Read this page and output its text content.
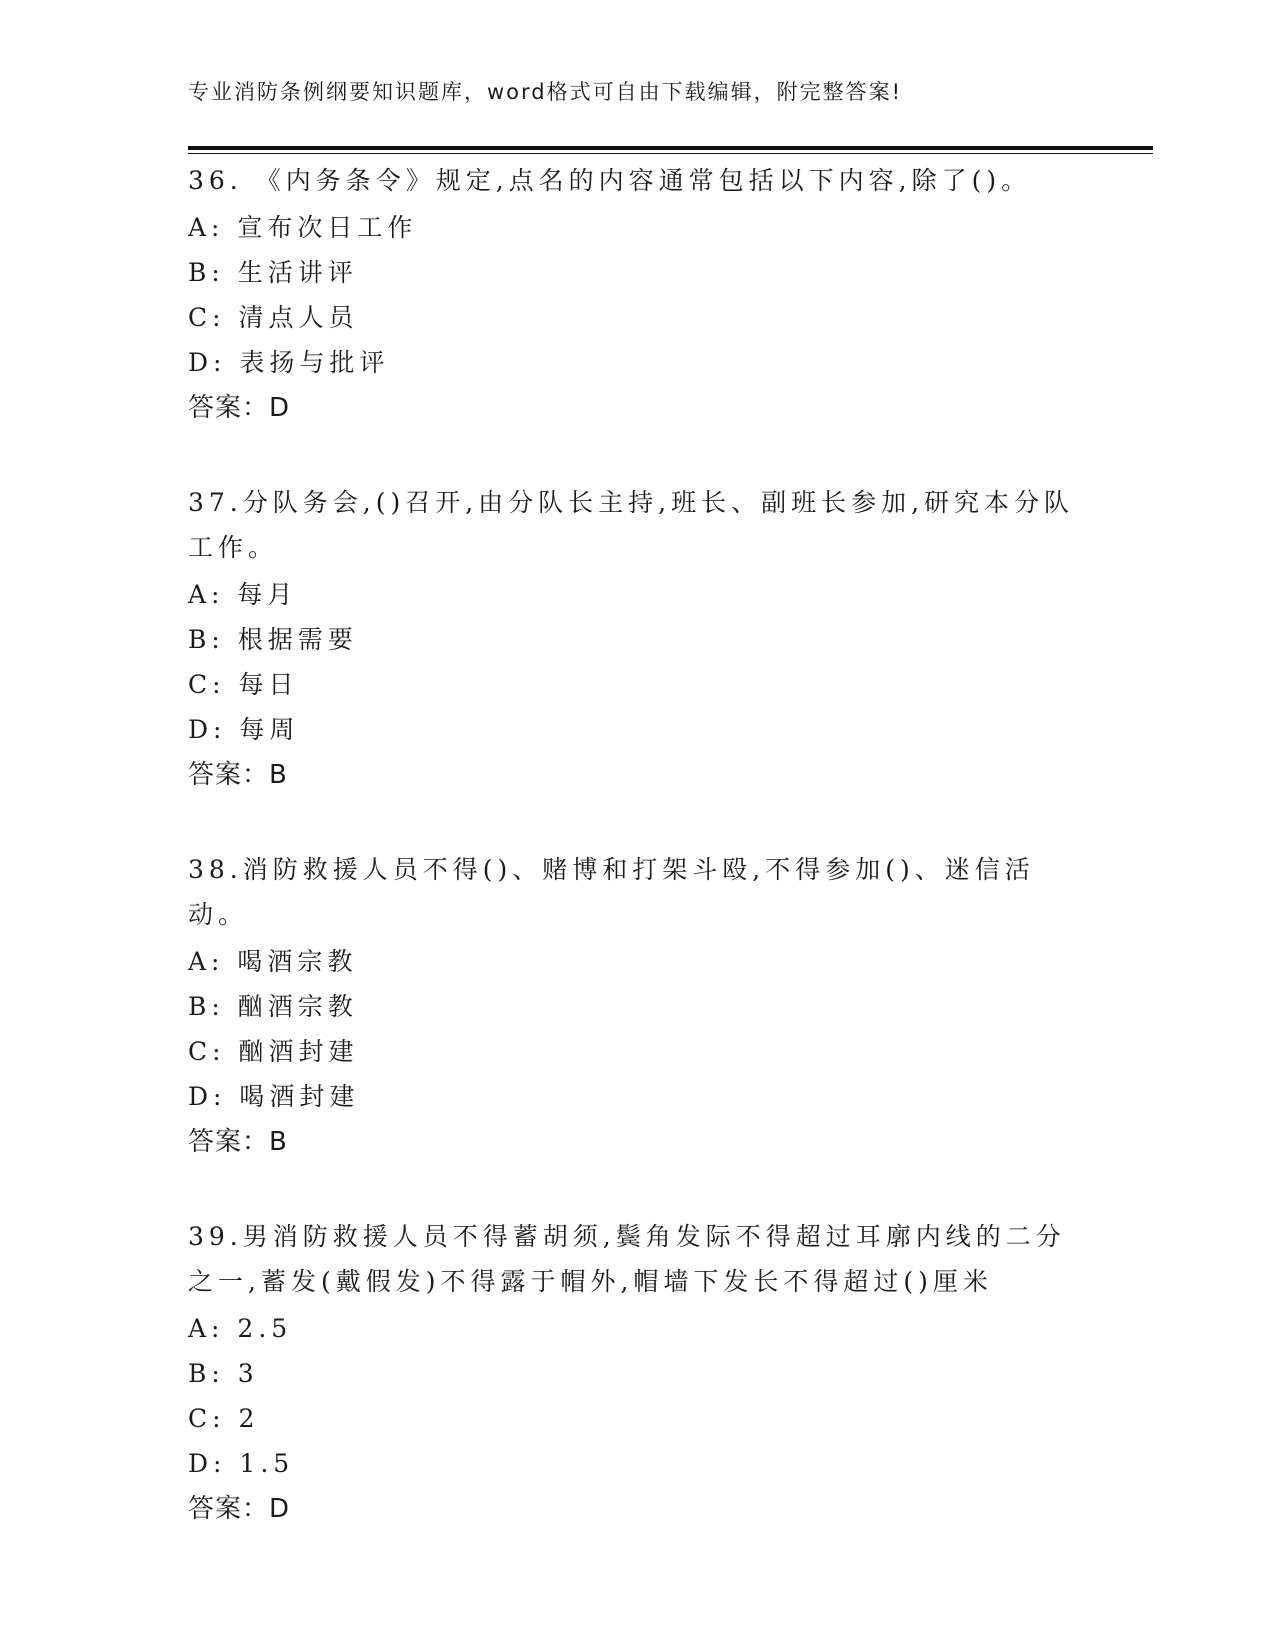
专业消防条例纲要知识题库，word格式可自由下载编辑，附完整答案!

36. 《内务条令》规定,点名的内容通常包括以下内容,除了()。

A: 宣布次日工作
B: 生活讲评
C: 清点人员
D: 表扬与批评
答案：D

37.分队务会,()召开,由分队长主持,班长、副班长参加,研究本分队工作。

A: 每月
B: 根据需要
C: 每日
D: 每周
答案：B

38.消防救援人员不得()、赌博和打架斗殴,不得参加()、迷信活动。

A: 喝酒宗教
B: 酗酒宗教
C: 酗酒封建
D: 喝酒封建
答案：B

39.男消防救援人员不得蓄胡须,鬓角发际不得超过耳廓内线的二分之一,蓄发(戴假发)不得露于帽外,帽墙下发长不得超过()厘米

A: 2.5
B: 3
C: 2
D: 1.5
答案：D
